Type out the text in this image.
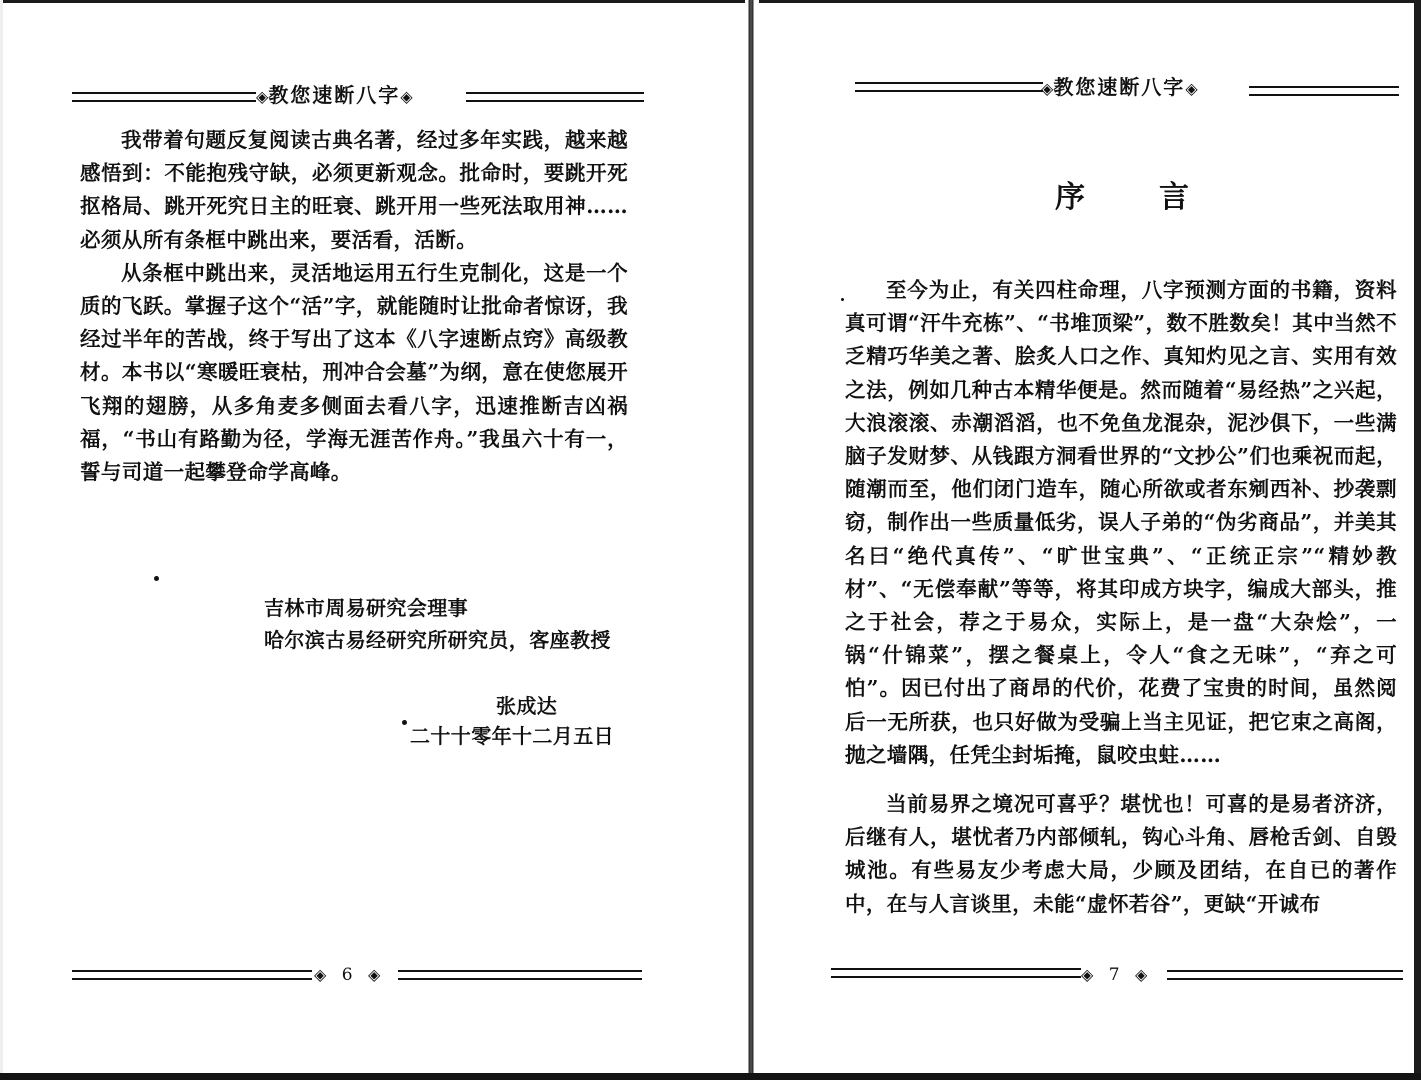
◈教您速断八字◈

我带着句题反复阅读古典名著，经过多年实践，越来越感悟到：不能抱残守缺，必须更新观念。批命时，要跳开死抠格局、跳开死究日主的旺衰、跳开用一些死法取用神……必须从所有条框中跳出来，要活看，活断。

从条框中跳出来，灵活地运用五行生克制化，这是一个质的飞跃。掌握子这个“活”字，就能随时让批命者惊讶，我经过半年的苦战，终于写出了这本《八字速断点窍》高级教材。本书以“寒暖旺衰枯，刑冲合会墓”为纲，意在使您展开飞翔的翅膀，从多角麦多侧面去看八字，迅速推断吉凶祸福，“书山有路勤为径，学海无涯苦作舟。”我虽六十有一，誓与司道一起攀登命学高峰。

吉林市周易研究会理事
哈尔滨古易经研究所研究员，客座教授
张成达
二十十零年十二月五日
◈ 6 ◈
◈教您速断八字◈

至今为止，有关四柱命理，八字预测方面的书籍，资料真可谓“汗牛充栋”、“书堆顶梁”，数不胜数矣！其中当然不乏精巧华美之著、脍炙人口之作、真知灼见之言、实用有效之法，例如几种古本精华便是。然而随着“易经热”之兴起，大浪滚滚、赤潮滔滔，也不免鱼龙混杂，泥沙俱下，一些满脑子发财梦、从钱跟方洞看世界的“文抄公”们也乘祝而起，随潮而至，他们闭门造车，随心所欲或者东剜西补、抄袭剽窃，制作出一些质量低劣，误人子弟的“伪劣商品”，并美其名曰“绝代真传”、“旷世宝典”、“正统正宗”“精妙教材”、“无偿奉献”等等，将其印成方块字，编成大部头，推之于社会，荐之于易众，实际上，是一盘“大杂烩”，一锅“什锦菜”，摆之餐桌上，令人“食之无味”，“弃之可怕”。因已付出了商昂的代价，花费了宝贵的时间，虽然阅后一无所获，也只好做为受骗上当主见证，把它束之高阁，抛之墙隅，任凭尘封垢掩，鼠咬虫蛀……

当前易界之境况可喜乎？堪忧也！可喜的是易者济济，后继有人，堪忧者乃内部倾轧，钩心斗角、唇枪舌剑、自毁城池。有些易友少考虑大局，少顾及团结，在自已的著作中，在与人言谈里，未能“虚怀若谷”，更缺“开诚布

◈ 7 ◈
序言
